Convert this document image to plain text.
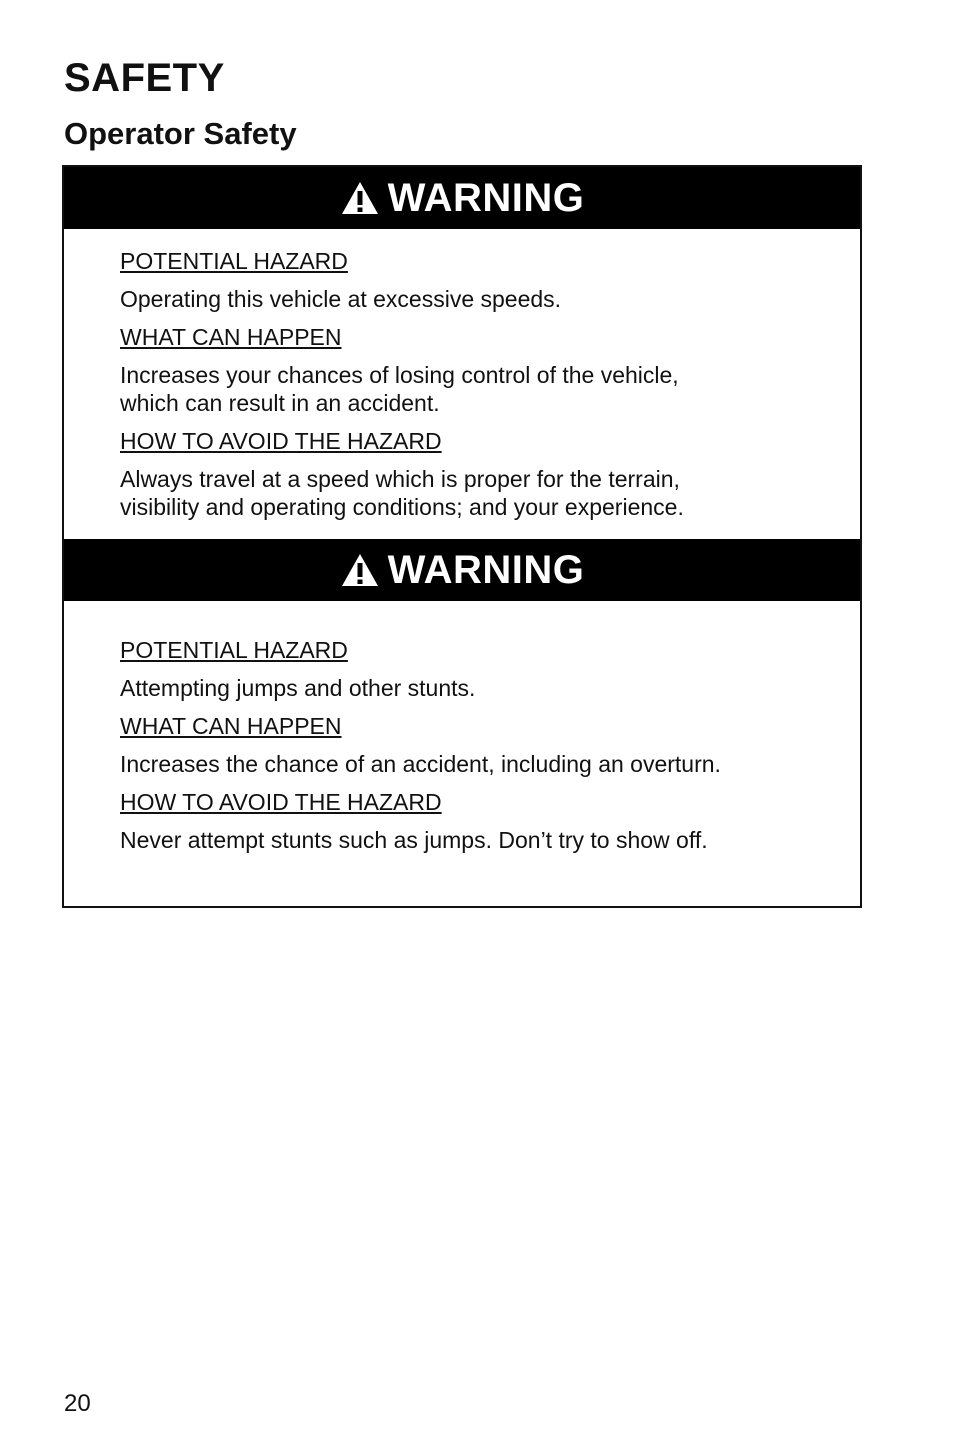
SAFETY
Operator Safety
WARNING

POTENTIAL HAZARD

Operating this vehicle at excessive speeds.

WHAT CAN HAPPEN

Increases your chances of losing control of the vehicle,

which can result in an accident.

HOW TO AVOID THE HAZARD

Always travel at a speed which is proper for the terrain,

visibility and operating conditions; and your experience.

WARNING

POTENTIAL HAZARD

Attempting jumps and other stunts.

WHAT CAN HAPPEN

Increases the chance of an accident, including an overturn.

HOW TO AVOID THE HAZARD

Never attempt stunts such as jumps. Don’t try to show off.

20
